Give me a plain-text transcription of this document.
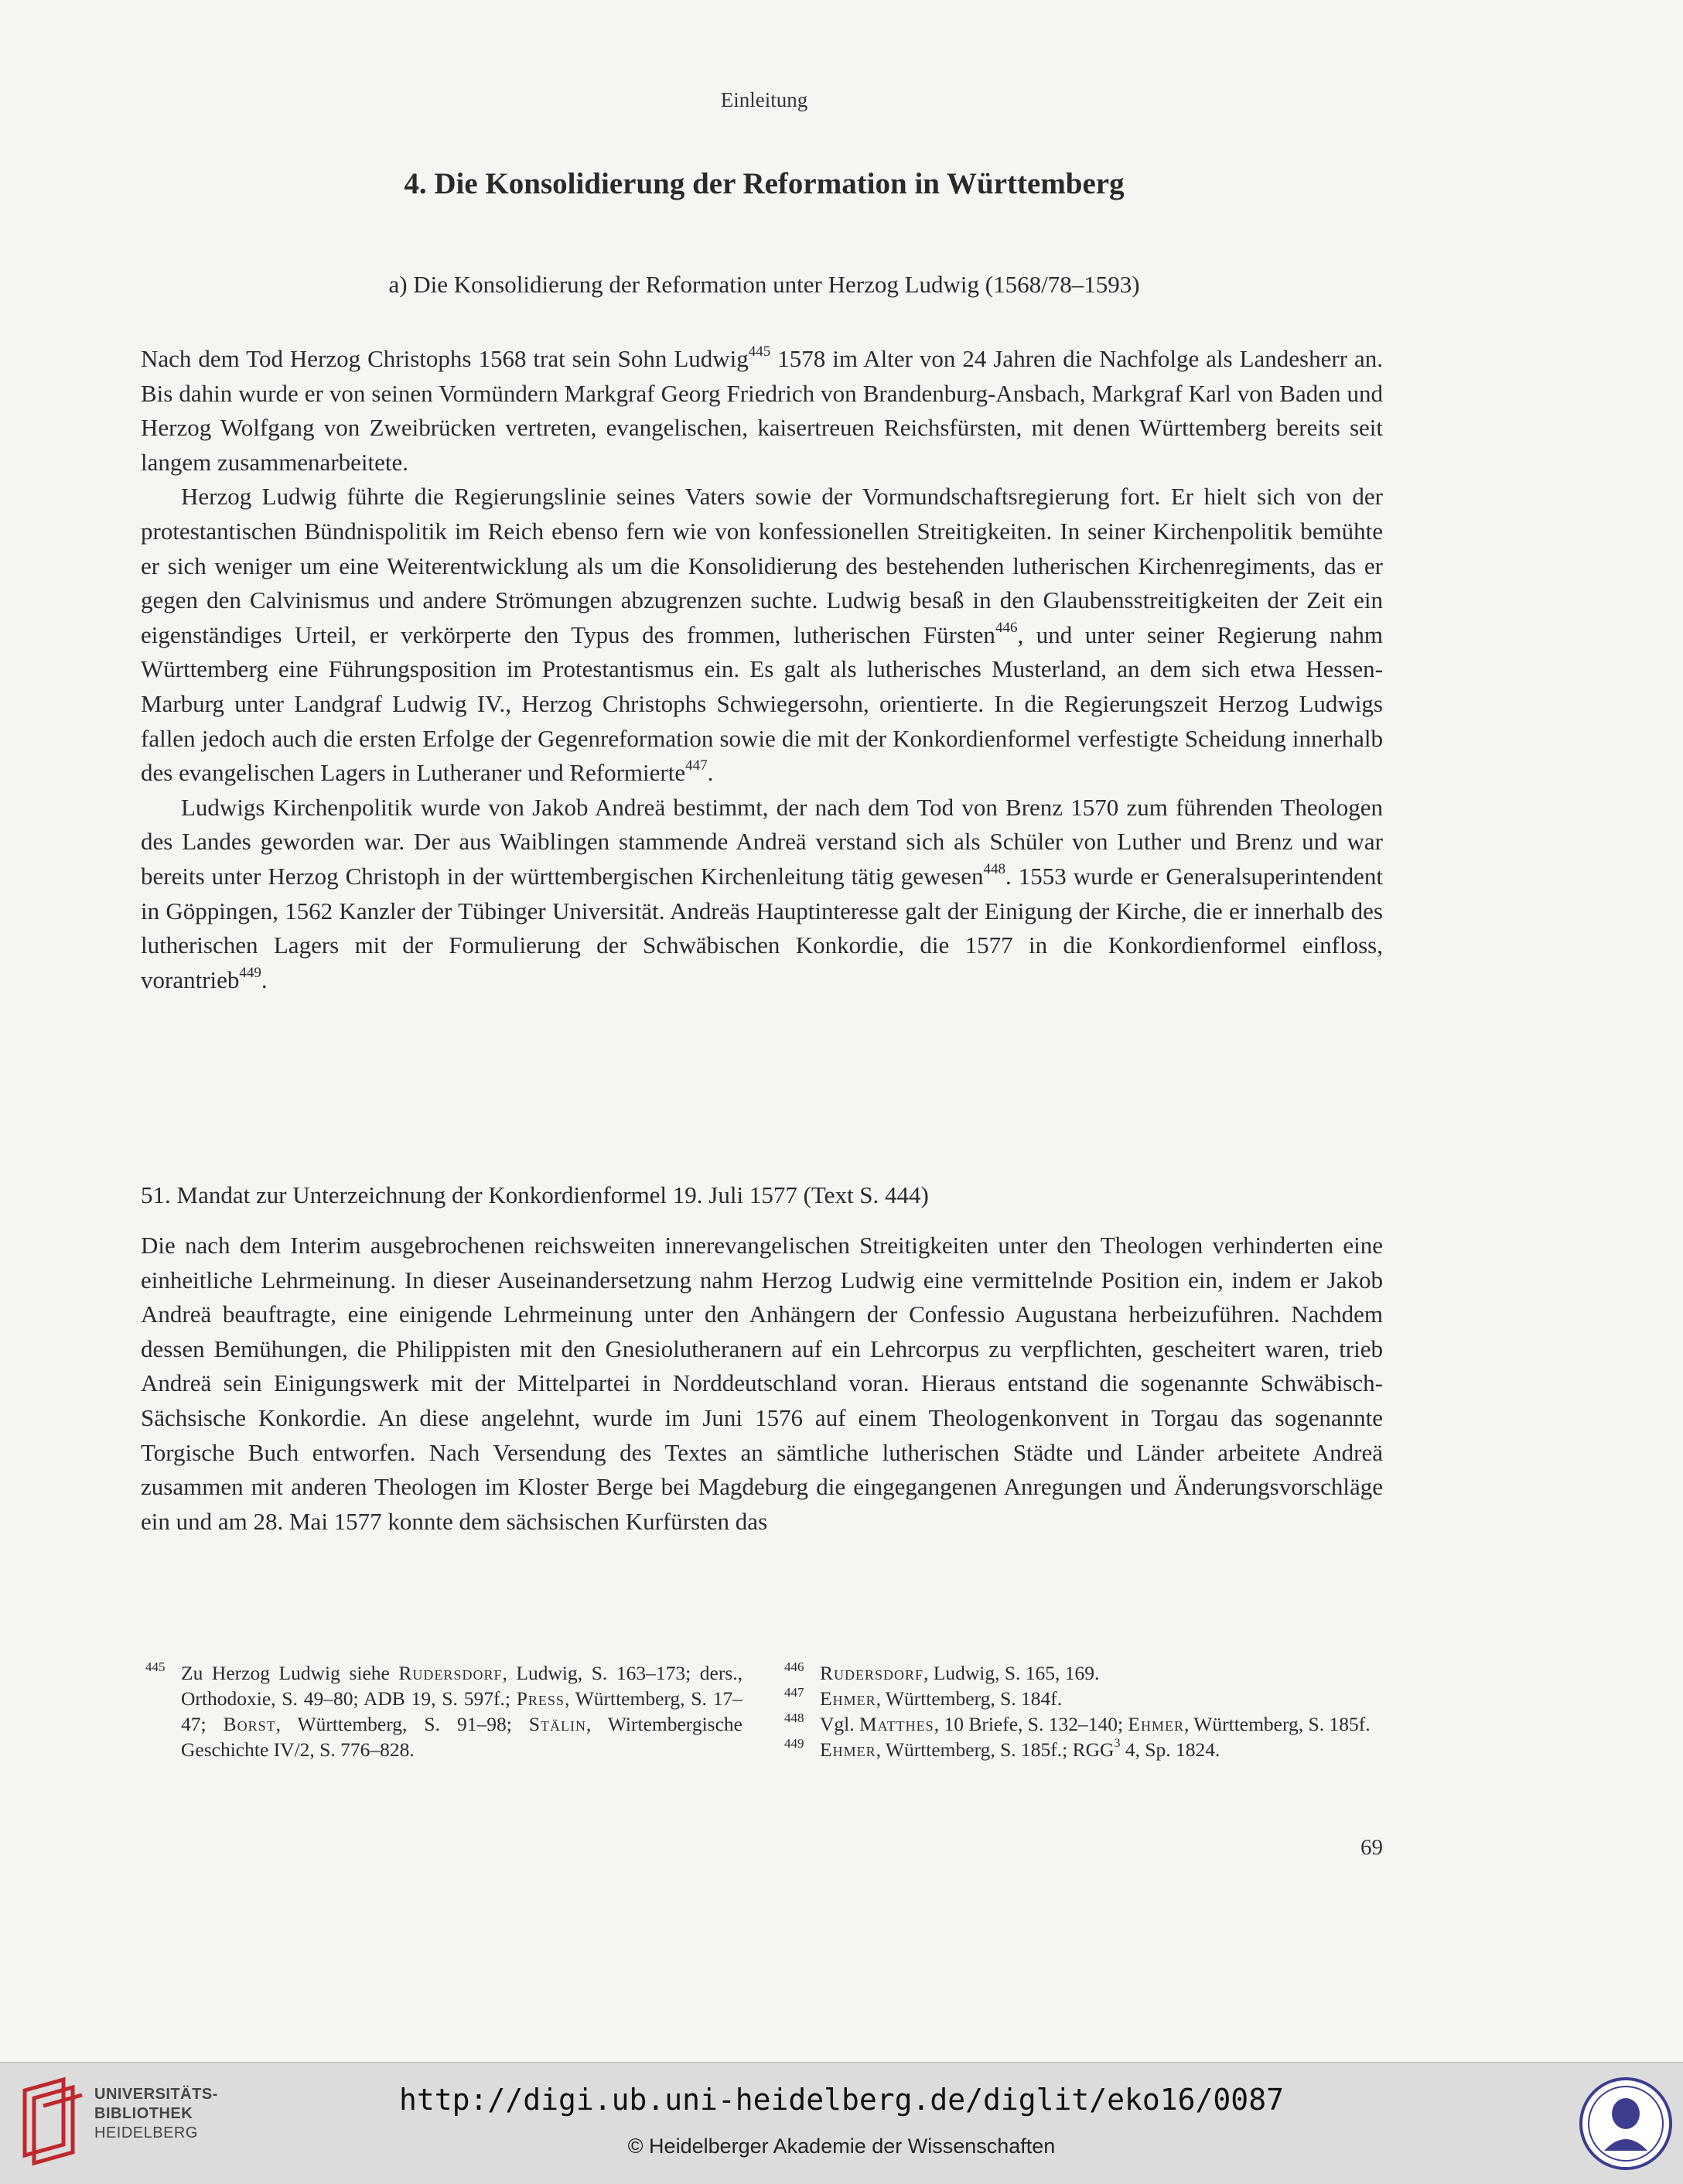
Einleitung
4. Die Konsolidierung der Reformation in Württemberg
a) Die Konsolidierung der Reformation unter Herzog Ludwig (1568/78–1593)

Nach dem Tod Herzog Christophs 1568 trat sein Sohn Ludwig$^{445}$ 1578 im Alter von 24 Jahren die Nachfolge als Landesherr an. Bis dahin wurde er von seinen Vormündern Markgraf Georg Friedrich von Brandenburg-Ansbach, Markgraf Karl von Baden und Herzog Wolfgang von Zweibrücken vertreten, evangelischen, kaisertreuen Reichsfürsten, mit denen Württemberg bereits seit langem zusammenarbeitete.

Herzog Ludwig führte die Regierungslinie seines Vaters sowie der Vormundschaftsregierung fort. Er hielt sich von der protestantischen Bündnispolitik im Reich ebenso fern wie von konfessionellen Streitigkeiten. In seiner Kirchenpolitik bemühte er sich weniger um eine Weiterentwicklung als um die Konsolidierung des bestehenden lutherischen Kirchenregiments, das er gegen den Calvinismus und andere Strömungen abzugrenzen suchte. Ludwig besaß in den Glaubensstreitigkeiten der Zeit ein eigenständiges Urteil, er verkörperte den Typus des frommen, lutherischen Fürsten$^{446}$, und unter seiner Regierung nahm Württemberg eine Führungsposition im Protestantismus ein. Es galt als lutherisches Musterland, an dem sich etwa Hessen-Marburg unter Landgraf Ludwig IV., Herzog Christophs Schwiegersohn, orientierte. In die Regierungszeit Herzog Ludwigs fallen jedoch auch die ersten Erfolge der Gegenreformation sowie die mit der Konkordienformel verfestigte Scheidung innerhalb des evangelischen Lagers in Lutheraner und Reformierte$^{447}$.

Ludwigs Kirchenpolitik wurde von Jakob Andreä bestimmt, der nach dem Tod von Brenz 1570 zum führenden Theologen des Landes geworden war. Der aus Waiblingen stammende Andreä verstand sich als Schüler von Luther und Brenz und war bereits unter Herzog Christoph in der württembergischen Kirchenleitung tätig gewesen$^{448}$. 1553 wurde er Generalsuperintendent in Göppingen, 1562 Kanzler der Tübinger Universität. Andreäs Hauptinteresse galt der Einigung der Kirche, die er innerhalb des lutherischen Lagers mit der Formulierung der Schwäbischen Konkordie, die 1577 in die Konkordienformel einfloss, vorantrieb$^{449}$.

51. Mandat zur Unterzeichnung der Konkordienformel 19. Juli 1577 (Text S. 444)

Die nach dem Interim ausgebrochenen reichsweiten innerevangelischen Streitigkeiten unter den Theologen verhinderten eine einheitliche Lehrmeinung. In dieser Auseinandersetzung nahm Herzog Ludwig eine vermittelnde Position ein, indem er Jakob Andreä beauftragte, eine einigende Lehrmeinung unter den Anhängern der Confessio Augustana herbeizuführen. Nachdem dessen Bemühungen, die Philippisten mit den Gnesiolutheranern auf ein Lehrcorpus zu verpflichten, gescheitert waren, trieb Andreä sein Einigungswerk mit der Mittelpartei in Norddeutschland voran. Hieraus entstand die sogenannte Schwäbisch-Sächsische Konkordie. An diese angelehnt, wurde im Juni 1576 auf einem Theologenkonvent in Torgau das sogenannte Torgische Buch entworfen. Nach Versendung des Textes an sämtliche lutherischen Städte und Länder arbeitete Andreä zusammen mit anderen Theologen im Kloster Berge bei Magdeburg die eingegangenen Anregungen und Änderungsvorschläge ein und am 28. Mai 1577 konnte dem sächsischen Kurfürsten das

445 Zu Herzog Ludwig siehe Rudersdorf, Ludwig, S. 163–173; ders., Orthodoxie, S. 49–80; ADB 19, S. 597f.; Press, Württemberg, S. 17–47; Borst, Württemberg, S. 91–98; Stälin, Wirtembergische Geschichte IV/2, S. 776–828.
446 Rudersdorf, Ludwig, S. 165, 169.
447 Ehmer, Württemberg, S. 184f.
448 Vgl. Matthes, 10 Briefe, S. 132–140; Ehmer, Württemberg, S. 185f.
449 Ehmer, Württemberg, S. 185f.; RGG$^3$ 4, Sp. 1824.
69
UNIVERSITÄTS-
BIBLIOTHEK
HEIDELBERG
http://digi.ub.uni-heidelberg.de/diglit/eko16/0087
© Heidelberger Akademie der Wissenschaften
